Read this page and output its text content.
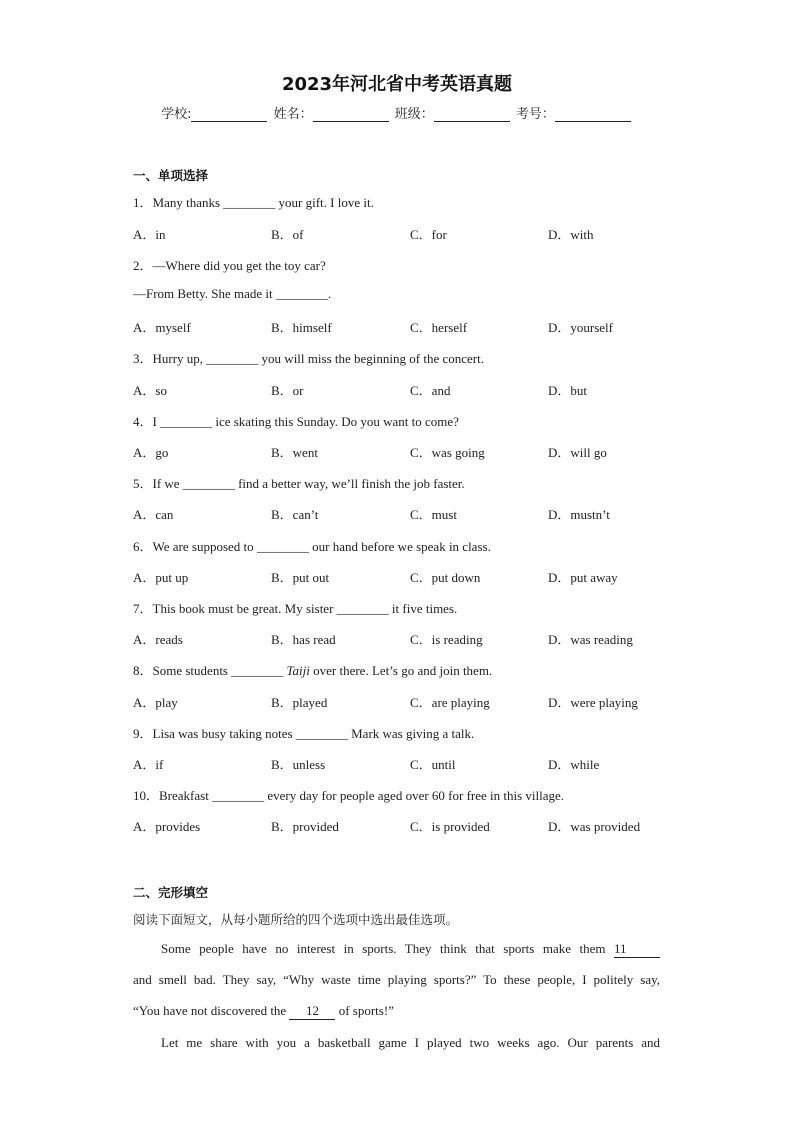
2023年河北省中考英语真题
学校:	姓名：	班级：	考号：
一、单项选择
1．Many thanks ________ your gift. I love it.
A．in	B．of	C．for	D．with
2．—Where did you get the toy car?
—From Betty. She made it ________.
A．myself	B．himself	C．herself	D．yourself
3．Hurry up, ________ you will miss the beginning of the concert.
A．so	B．or	C．and	D．but
4．I ________ ice skating this Sunday. Do you want to come?
A．go	B．went	C．was going	D．will go
5．If we ________ find a better way, we’ll finish the job faster.
A．can	B．can’t	C．must	D．mustn’t
6．We are supposed to ________ our hand before we speak in class.
A．put up	B．put out	C．put down	D．put away
7．This book must be great. My sister ________ it five times.
A．reads	B．has read	C．is reading	D．was reading
8．Some students ________ Taiji over there. Let’s go and join them.
A．play	B．played	C．are playing	D．were playing
9．Lisa was busy taking notes ________ Mark was giving a talk.
A．if	B．unless	C．until	D．while
10．Breakfast ________ every day for people aged over 60 for free in this village.
A．provides	B．provided	C．is provided	D．was provided
二、完形填空
阅读下面短文，从每小题所给的四个选项中选出最佳选项。
Some people have no interest in sports. They think that sports make them 11
and smell bad. They say, “Why waste time playing sports?” To these people, I politely say,
“You have not discovered the 12 of sports!”
Let me share with you a basketball game I played two weeks ago. Our parents and
